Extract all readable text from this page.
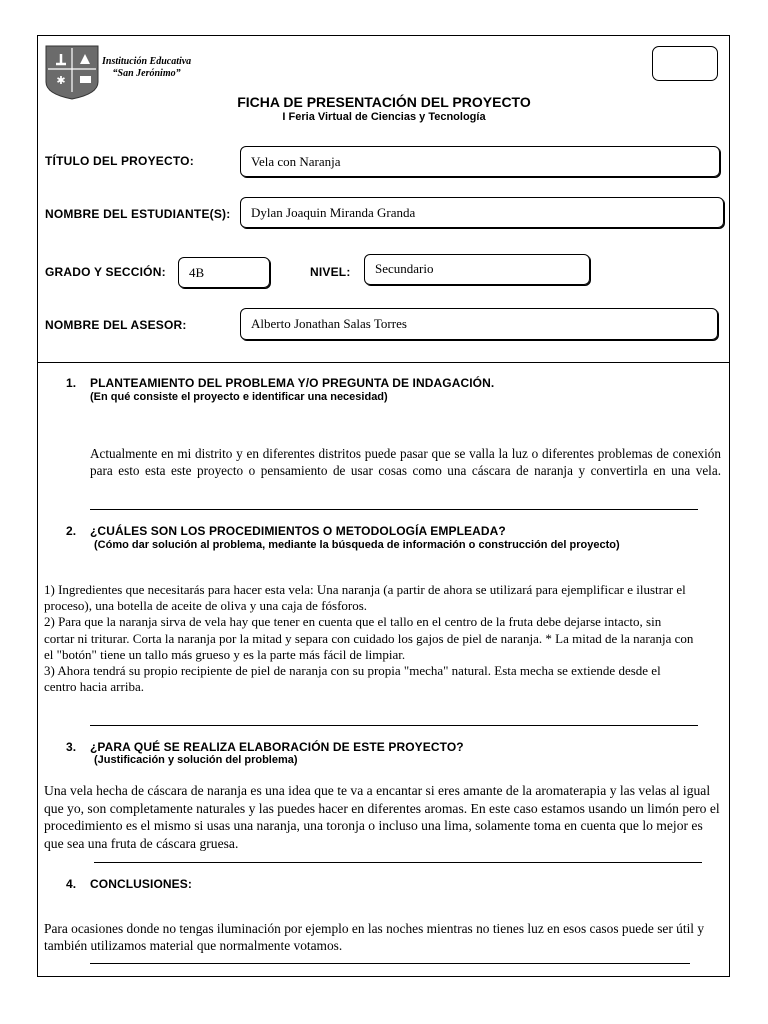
✱
Institución Educativa
“San Jerónimo”
FICHA DE PRESENTACIÓN DEL PROYECTO
I Feria Virtual de Ciencias y Tecnología
TÍTULO DEL PROYECTO:	Vela con Naranja
NOMBRE DEL ESTUDIANTE(S):	Dylan Joaquin Miranda Granda
GRADO Y SECCIÓN:	4B	NIVEL:	Secundario
NOMBRE DEL ASESOR:	Alberto Jonathan Salas Torres
1. PLANTEAMIENTO DEL PROBLEMA Y/O PREGUNTA DE INDAGACIÓN.
(En qué consiste el proyecto e identificar una necesidad)
Actualmente en mi distrito y en diferentes distritos puede pasar que se valla la luz o diferentes problemas de conexión para esto esta este proyecto o pensamiento de usar cosas como una cáscara de naranja y convertirla en una vela.
2. ¿CUÁLES SON LOS PROCEDIMIENTOS O METODOLOGÍA EMPLEADA?
(Cómo dar solución al problema, mediante la búsqueda de información o construcción del proyecto)
1) Ingredientes que necesitarás para hacer esta vela: Una naranja (a partir de ahora se utilizará para ejemplificar e ilustrar el proceso), una botella de aceite de oliva y una caja de fósforos.
2) Para que la naranja sirva de vela hay que tener en cuenta que el tallo en el centro de la fruta debe dejarse intacto, sin cortar ni triturar. Corta la naranja por la mitad y separa con cuidado los gajos de piel de naranja. * La mitad de la naranja con el "botón" tiene un tallo más grueso y es la parte más fácil de limpiar.
3) Ahora tendrá su propio recipiente de piel de naranja con su propia "mecha" natural. Esta mecha se extiende desde el centro hacia arriba.
3. ¿PARA QUÉ SE REALIZA ELABORACIÓN DE ESTE PROYECTO?
(Justificación y solución del problema)
Una vela hecha de cáscara de naranja es una idea que te va a encantar si eres amante de la aromaterapia y las velas al igual que yo, son completamente naturales y las puedes hacer en diferentes aromas. En este caso estamos usando un limón pero el procedimiento es el mismo si usas una naranja, una toronja o incluso una lima, solamente toma en cuenta que lo mejor es que sea una fruta de cáscara gruesa.
4. CONCLUSIONES:
Para ocasiones donde no tengas iluminación por ejemplo en las noches mientras no tienes luz en esos casos puede ser útil y también utilizamos material que normalmente votamos.
